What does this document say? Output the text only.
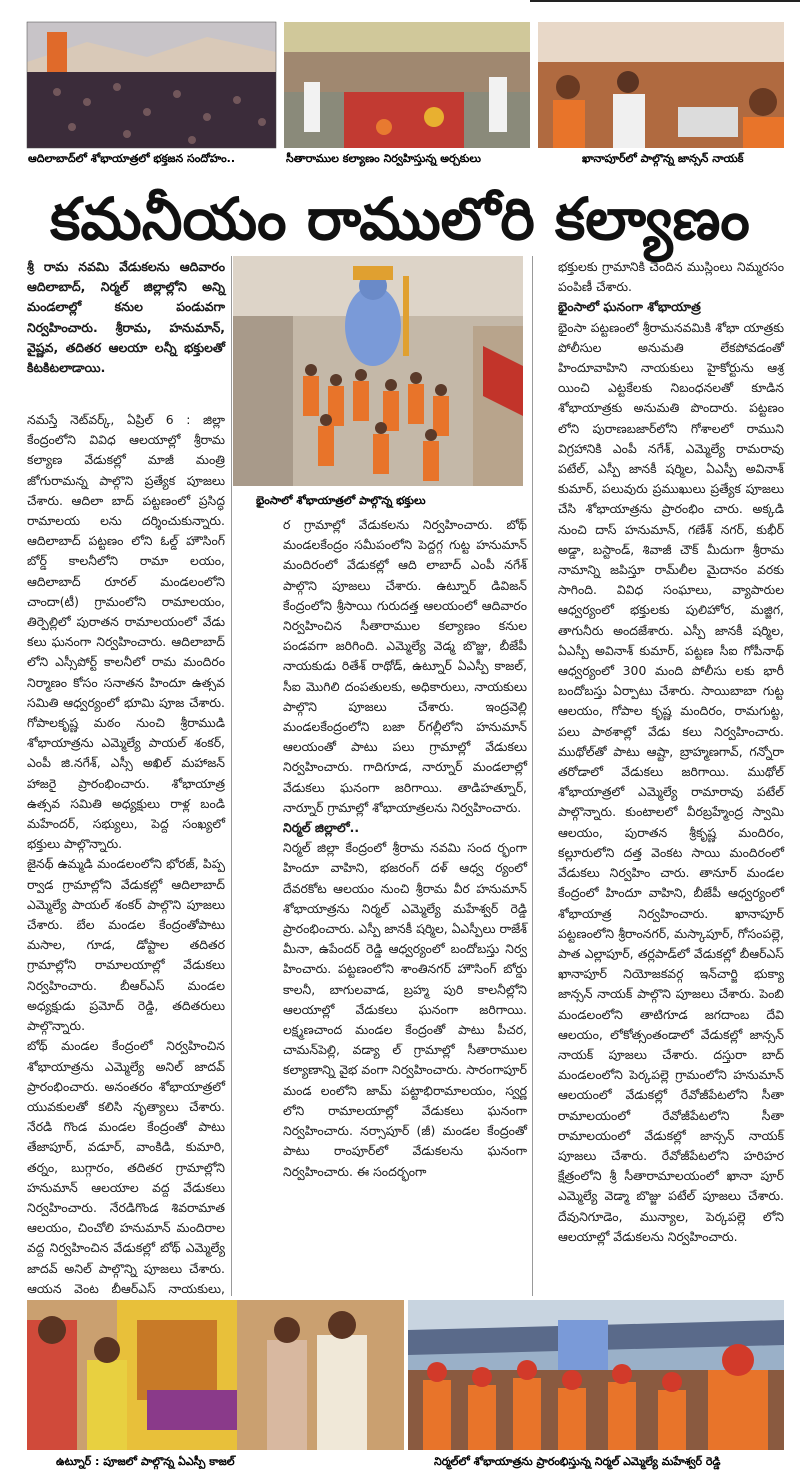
ఆదిలాబాద్‌లో శోభాయాత్రలో భక్తజన సందోహం..	సీతారాముల కల్యాణం నిర్వహిస్తున్న అర్చకులు	ఖానాపూర్‌లో పాల్గొన్న జాన్సన్‌ నాయక్‌
కమనీయం రాములోరి కల్యాణం
భైంసాలో శోభాయాత్రలో పాల్గొన్న భక్తులు
శ్రీ రామ నవమి వేడుకలను ఆదివారం ఆదిలాబాద్‌, నిర్మల్‌ జిల్లాల్లోని అన్ని మండలాల్లో కనుల పండువగా నిర్వహించారు. శ్రీరామ, హనుమాన్‌, వైష్ణవ, తదితర ఆలయా లన్నీ భక్తులతో కిటకిటలాడాయి.

నమస్తే నెట్‌వర్క్‌, ఏప్రిల్‌ 6 : జిల్లా కేంద్రంలోని వివిధ ఆలయాల్లో శ్రీరామ కల్యాణ వేడుకల్లో మాజీ మంత్రి జోగురామన్న పాల్గొని ప్రత్యేక పూజలు చేశారు. ఆదిలా బాద్‌ పట్టణంలో ప్రసిద్ధ రామాలయ లను దర్శించుకున్నారు. ఆదిలాబాద్‌ పట్టణం లోని ఓల్డ్‌ హౌసింగ్‌ బోర్డ్‌ కాలనీలోని రామా లయం, ఆదిలాబాద్‌ రూరల్‌ మండలంలోని చాందా(టీ) గ్రామంలోని రామాలయం, తిర్పెల్లిలో పురాతన రామాలయంలో వేడు కలు ఘనంగా నిర్వహించారు. ఆదిలాబాద్‌ లోని ఎస్సీపోర్ట్‌ కాలనీలో రామ మందిరం నిర్మాణం కోసం సనాతన హిందూ ఉత్సవ సమితి ఆధ్వర్యంలో భూమి పూజ చేశారు. గోపాలకృష్ణ మఠం నుంచి శ్రీరాముడి శోభాయాత్రను ఎమ్మెల్యే పాయల్‌ శంకర్‌, ఎంపీ జి.నగేశ్‌, ఎస్సీ అఖిల్‌ మహాజన్‌ హాజరై ప్రారంభించారు. శోభాయాత్ర ఉత్సవ సమితి అధ్యక్షులు రాళ్ల బండి మహేందర్‌, సభ్యులు, పెద్ద సంఖ్యలో భక్తులు పాల్గొన్నారు.

జైనథ్‌ ఉమ్మడి మండలంలోని భోరజ్‌, పిప్ప ర్వాడ గ్రామాల్లోని వేడుకల్లో ఆదిలాబాద్‌ ఎమ్మెల్యే పాయల్‌ శంకర్‌ పాల్గొని పూజలు చేశారు. బేల మండల కేంద్రంతోపాటు మసాల, గూడ, డోప్టాల తదితర గ్రామాల్లోని రామాలయాల్లో వేడుకలు నిర్వహించారు. బీఆర్‌ఎస్‌ మండల అధ్యక్షుడు ప్రమోద్‌ రెడ్డి, తదితరులు పాల్గొన్నారు.

బోథ్‌ మండల కేంద్రంలో నిర్వహించిన శోభాయాత్రను ఎమ్మెల్యే అనిల్‌ జాదవ్‌ ప్రారంభించారు. అనంతరం శోభాయాత్రలో యువకులతో కలిసి నృత్యాలు చేశారు. నేరడి గొండ మండల కేంద్రంతో పాటు తేజాపూర్‌, వడూర్‌, వాంకిడి, కుమారి, తర్నం, బుగ్గారం, తదితర గ్రామాల్లోని హనుమాన్‌ ఆలయాల వద్ద వేడుకలు నిర్వహించారు. నేరడిగొండ శివరామాత ఆలయం, చించోలి హనుమాన్‌ మందిరాల వద్ద నిర్వహించిన వేడుకల్లో బోథ్‌ ఎమ్మెల్యే జాదవ్‌ అనిల్‌ పాల్గొన్ని పూజలు చేశారు. ఆయన వెంట బీఆర్‌ఎస్‌ నాయకులు,

ర గ్రామాల్లో వేడుకలను నిర్వహించారు. బోథ్‌ మండలకేంద్రం సమీపంలోని పెద్దగ్గ గుట్ట హనుమాన్‌ మందిరంలో వేడుకల్లో ఆది లాబాద్‌ ఎంపీ నగేశ్‌ పాల్గొని పూజలు చేశారు. ఉట్నూర్‌ డివిజన్‌ కేంద్రంలోని శ్రీసాయి గురుదత్త ఆలయంలో ఆదివారం నిర్వహించిన సీతారాముల కల్యాణం కనుల పండవగా జరిగింది. ఎమ్మెల్యే వెడ్మ బొజ్జు, బీజేపీ నాయకుడు రితేశ్‌ రాథోడ్‌, ఉట్నూర్‌ ఏఎస్పీ కాజల్‌, సీఐ మొగిలి దంపతులకు, అధికారులు, నాయకులు పాల్గొని పూజలు చేశారు. ఇంద్రవెల్లి మండలకేంద్రంలోని బజా ర్‌గల్లీలోని హనుమాన్‌ ఆలయంతో పాటు పలు గ్రామాల్లో వేడుకలు నిర్వహించారు. గాదిగూడ, నార్నూర్‌ మండలాల్లో వేడుకలు ఘనంగా జరిగాయి. తాడిహత్నూర్‌, నార్నూర్‌ గ్రామాల్లో శోభాయాత్రలను నిర్వహించారు.

నిర్మల్‌ జిల్లాలో..

నిర్మల్‌ జిల్లా కేంద్రంలో శ్రీరామ నవమి సంద ర్భంగా హిందూ వాహిని, భజరంగ్‌ దళ్‌ ఆధ్వ ర్యంలో దేవరకోట ఆలయం నుంచి శ్రీరామ వీర హనుమాన్‌ శోభాయాత్రను నిర్మల్‌ ఎమ్మెల్యే మహేశ్వర్‌ రెడ్డి ప్రారంభించారు. ఎస్పీ జానకీ షర్మిల, ఏఎస్పీలు రాజేశ్‌ మీనా, ఉపేందర్‌ రెడ్డి ఆధ్వర్యంలో బందోబస్తు నిర్వ హించారు. పట్టణంలోని శాంతినగర్‌ హౌసింగ్‌ బోర్డు కాలనీ, బాగులవాడ, బ్రహ్మ పురి కాలనీల్లోని ఆలయాల్లో వేడుకలు ఘనంగా జరిగాయి. లక్ష్మణచాంద మండల కేంద్రంతో పాటు పీచర, చామన్‌పెల్లి, వడ్యా ల్‌ గ్రామాల్లో సీతారాముల కల్యాణాన్ని వైభ వంగా నిర్వహించారు. సారంగాపూర్‌ మండ లంలోని జామ్‌ పట్టాభిరామాలయం, స్వర్ణ లోని రామాలయాల్లో వేడుకలు ఘనంగా నిర్వహించారు. నర్సాపూర్‌ (జీ) మండల కేంద్రంతో పాటు రాంపూర్‌లో వేడుకలను ఘనంగా నిర్వహించారు. ఈ సందర్భంగా

భక్తులకు గ్రామానికి చెందిన ముస్లింలు నిమ్మరసం పంపిణీ చేశారు.

భైంసాలో ఘనంగా శోభాయాత్ర

భైంసా పట్టణంలో శ్రీరామనవమికి శోభా యాత్రకు పోలీసుల అనుమతి లేకపోవడంతో హిందూవాహిని నాయకులు హైకోర్టును ఆశ్ర యించి ఎట్టకేలకు నిబంధనలతో కూడిన శోభాయాత్రకు అనుమతి పొందారు. పట్టణం లోని పురాణబజార్‌లోని గోశాలలో రాముని విగ్రహానికి ఎంపీ నగేశ్‌, ఎమ్మెల్యే రామరావు పటేల్‌, ఎస్పీ జానకీ షర్మిల, ఏఎస్పీ అవినాశ్‌ కుమార్‌, పలువురు ప్రముఖులు ప్రత్యేక పూజలు చేసి శోభాయాత్రను ప్రారంభిం చారు. అక్కడి నుంచి దాస్‌ హనుమాన్‌, గణేశ్‌ నగర్‌, కుభీర్‌ అడ్డా, బస్టాండ్‌, శివాజీ చౌక్‌ మీదుగా శ్రీరామ నామాన్ని జపిస్తూ రామ్‌లీల మైదానం వరకు సాగింది. వివిధ సంఘాలు, వ్యాపారుల ఆధ్వర్యంలో భక్తులకు పులిహోర, మజ్జిగ, తాగునీరు అందజేశారు. ఎస్పీ జానకీ షర్మిల, ఏఎస్పీ అవినాశ్‌ కుమార్‌, పట్టణ సీఐ గోపీనాథ్‌ ఆధ్వర్యంలో 300 మంది పోలీసు లకు భారీ బందోబస్తు ఏర్పాటు చేశారు. సాయిబాబా గుట్ట ఆలయం, గోపాల కృష్ణ మందిరం, రామగుట్ట, పలు పాఠశాల్లో వేడు కలు నిర్వహించారు. ముథోల్‌తో పాటు ఆష్టా, బ్రాహ్మణగావ్‌, గన్నోరా తరోడాలో వేడుకలు జరిగాయి. ముథోల్‌ శోభాయాత్రలో ఎమ్మెల్యే రామారావు పటేల్‌ పాల్గొన్నారు. కుంటాలలో వీరబ్రహ్మేంద్ర స్వామి ఆలయం, పురాతన శ్రీకృష్ణ మందిరం, కల్లూరులోని దత్త వెంకట సాయి మందిరంలో వేడుకలు నిర్వహిం చారు. తానూర్‌ మండల కేంద్రంలో హిందూ వాహిని, బీజేపీ ఆధ్వర్యంలో శోభాయాత్ర నిర్వహించారు. ఖానాపూర్‌ పట్టణంలోని శ్రీరాంనగర్‌, మస్కాపూర్‌, గోసంపల్లె, పాత ఎల్లాపూర్‌, తర్లపాడ్‌లో వేడుకల్లో బీఆర్‌ఎస్‌ ఖానాపూర్‌ నియోజకవర్గ ఇన్‌చార్జి భుక్యా జాన్సన్‌ నాయక్‌ పాల్గొని పూజలు చేశారు. పెంబి మండలంలోని తాటిగూడ జగదాంబ దేవి ఆలయం, లోకోత్సంతండాలో వేడుకల్లో జాన్సన్‌ నాయక్‌ పూజలు చేశారు. దస్తురా బాద్‌ మండలంలోని పెర్కపల్లె గ్రామంలోని హనుమాన్‌ ఆలయంలో వేడుకల్లో రేవోజీపేటలోని సీతా రామాలయంలో రేవోజీపేటలోని సీతా రామాలయంలో వేడుకల్లో జాన్సన్‌ నాయక్‌ పూజలు చేశారు. రేవోజీపేటలోని హరిహర క్షేత్రంలోని శ్రీ సీతారామాలయంలో ఖానా పూర్‌ ఎమ్మెల్యే వెడ్మా బొజ్జు పటేల్‌ పూజలు చేశారు. దేవునిగూడెం, మున్యాల, పెర్కపల్లె లోని ఆలయాల్లో వేడుకలను నిర్వహించారు.

ఉట్నూర్‌ : పూజలో పాల్గొన్న ఏఎస్పీ కాజల్‌	నిర్మల్‌లో శోభాయాత్రను ప్రారంభిస్తున్న నిర్మల్‌ ఎమ్మెల్యే మహేశ్వర్‌ రెడ్డి
